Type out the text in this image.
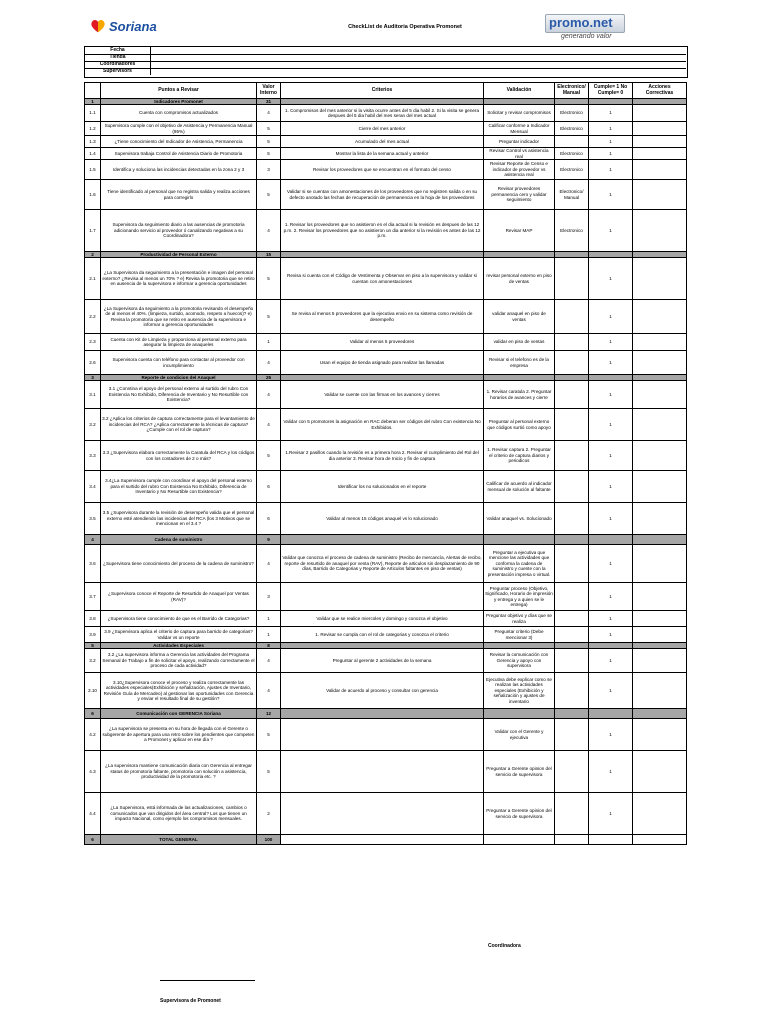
Soriana	CheckList de Auditoria Operativa Promonet	promo.net
generando valor
Fecha
Tienda
Coordinadores
Supervisors
	Puntos a Revisar	Valor Interno	Criterios	Validación	Electronico/ Manual	Cumple= 1 No Cumple= 0	Acciones Correctivas
1	Indicadores Promonet	31					
1.1	Cuenta con compromisos actualizados	4	1. Compromisos del mes anterior si la visita ocurre antes del 5 dia habil 2. Si la visita se genera despues del 5 dia habil del mes seran del mes actual	Solicitar y revisar compromisos	Electronico	1	
1.2	Supervisora cumple con el objetivo de Asistencia y Permanencia Manual (95%)	5	Cierre del mes anterior	Calificar conforme a Indicador Mensual	Electronico	1	
1.3	¿Tiene conocimiento del Indicador de Asistencia, Permanencia	5	Acumulado del mes actual	Preguntar indicador		1	
1.4	Supervisora trabaja Control de Asistencia Diario de Promotoria	5	Mostrar la lista de la semana actual y anterior	Revisar Control vs asistencia real	Electronico	1	
1.5	Identifica y soluciona las incidencias detectadas en la zona 2 y 3	3	Revisar los proveedores que se encuentran en el formato del censo	Revisar Reporte de Censo e indicador de proveedor vs asistencia real	Electronico	1	
1.6	Tiene identificado al personal que no registra salida y realiza acciones para corregirlo	5	Validar si se cuentan con amonestaciones de los proveedores que no registren salida o en su defecto anotado las fechas de recuperación de permanencia en la hoja de los proveedores	Revisar proveedores permanencia cero y validar seguimiento	Electronico/ Manual	1	
1.7	Supervisora da seguimiento diario a las ausencias de promotoria adicionando servicio al proveedor ó canalizando negativas a su Coordinadora?	4	1. Revisar los proveedores que no asistieron en el dia actual si la revisión es despues de las 12 p.m. 2. Revisar los proveedores que no asistieron un dia anterior si la revisión es antes de las 12 p.m.	Revisar MAP	Electronico	1	
2	Productividad de Personal Externo	15					
2.1	¿La Supervisora da seguimiento a la presentación e imagen del personal externo? ¿Revisa al menos un 70% ? e) Revisa la promotoria que se retiro en ausencia de la supervisora e informar a gerencia oportunidades	5	Revisa si cuenta con el Código de Vestimenta y Observar en piso a la supervisora y validar si cuentan con amonestaciones	revisar personal externo en piso de ventas		1	
2.2	¿La Supervisora da seguimiento a la promotoria revisando el desempeño de al menos el 40%. (limpieza, surtido, acomodo, respeto a huecos)? e) Revisa la promotoria que se retiro en ausencia de la supervisora e informar a gerencia oportunidades	5	Se revisa al menos 5 proveedores que la ejecutiva envio en su sistema como revisión de desempeño	validar anaquel en piso de ventas		1	
2.3	Cuenta con Kit de Limpieza y proporciona al personal externo para asegurar la limpieza de anaqueles	1	Validar al menos 5 proveedores	validar en piso de ventas		1	
2.6	Supervisora cuenta con teléfono para contactar al proveedor con incumplimiento	4	Usan el equipo de tienda asignado para realizar las llamadas	Revisar si el telefono es de la empresa		1	
3	Reporte de condicion del Anaquel	25					
3.1	3.1 ¿Conntina el apoyo del personal externo al surtido del rubro Con Existencia No Exhibido, Diferencia de Inventario y No Resurtible con Existencia?	4	Validar se cuente con las firmas en los avances y cierres	1. Revisar caratula 2. Preguntar horarios de avances y cierre		1	
3.2	3.2 ¿Aplica los criterios de captura correctamente para el levantamiento de incidencias del RCA? ¿Aplica correctamente la técnicas de captura? ¿Cumple con el rol de captura?	4	Validar con 5 promotores la asignación en RAC deberan ser códigos del rubro Con existencia No Exhibidos.	Preguntar al personal externo que códigos surtió como apoyo		1	
3.3	3.3 ¿Supervisora elabora correctamente la Caratula del RCA y los códigos con los contadores de 2 o más?	5	1.Revisar 2 pasillos cuando la revisión es a primera hora 2. Revisar el cumplimiento del Rol del dia anterior 3. Revisar hora de Inicio y fin de captura	1. Revisar captura 2. Preguntar el criterio de captura diarios y periodicos		1	
3.4	3.4¿La Supervisora cumple con coordinar el apoyo del personal externo para el surtido del rubro Con Existencia No Exhibido, Diferencia de Inventario y No Resurtible con Existencia?	6	Identificar los no solucionados en el reporte	Calificar de acuerdo al indicador mensual de solución al faltante		1	
3.5	3.5 ¿Supervisora durante la revisión de desempeño valida que el personal externo esté atendiendo las incidencias del RCA (los 3 Motivos que se mencionan en el 3.4 ?	6	Validar al menos 15 códigos anaquel vs lo solucionado	Validar anaquel vs. Solucionado		1	
4	Cadena de suministro	9					
3.6	¿Supervisora tiene conocimiento del proceso de la cadena de suministro?	4	Validar que conozca el proceso de cadena de suministro (Recibo de mercancía, Alertas de recibo, reporte de resurtido de anaquel por venta (RAV), Reporte de articulos sin desplazamiento de 90 días, Barrido de Categorias y Reporte de Articulos faltantes en piso de ventas)	Preguntar a ejecutiva que mencione las actividades que conforma la cadena de suministro y cuente con la presentación impresa o virtual.		1	
3.7	¿Supervisora conoce el Reporte de Resurtido de Anaquel por Ventas (RAV)?	3		Preguntar proceso (Objetivo, Significado, Horario de impresión y entrega y a quien se le entrega)		1	
3.8	¿Supervisora tiene conocimiento de que es el Barrido de Categorias?	1	Validar que se realice miercoles y domingo y conozca el objetivo	Preguntar objetivo y días que se realiza		1	
3.9	3.9 ¿Supervisora aplica el criterio de captura para barrido de categorias? Validar vs un reporte	1	1. Revisar se cumpla con el rol de categorias y conozca el criterio	Preguntar criterio (Debe mencionar 3)		1	
5	Actividades Especiales	8					
3.2	3.2 ¿La supervisora informa a Gerencia las actividades del Programa Semanal de Trabajo a fin de solicitar el apoyo, realizando correctamente el proceso de cada actividad?	4	Preguntar al gerente 2 actividades de la semana	Revisar la comunicación con Gerencia y apoyo con supervisora		1	
3.10	3.10¿Supervisora conoce el proceso y realiza correctamente las actividades especiales(Exhibición y señalización, Ajustes de Inventario, Revisión Guía de Mercadeo) al gestionar las oportunidades con Gerencia y enviar el resultado final de su gestión?	4	Validar de acuerdo al proceso y consultar con gerencia	Ejecutiva debe explicar como se realizan las actividades especiales (Exhibición y señalización y ajustes de inventario		1	
6	Comunicación con GERENCIA Soriana	12					
4.2	¿La supervisora se presenta en su hora de llegada con el Gerente o subgerente de apertura para una retro sobre los pendientes que competen a Promonet y aplicar en ese día ?	5		Validar con el Gerente y ejecutiva		1	
4.3	¿La supervisora mantiene comunicación diaria con Gerencia al entregar status de promotoria faltante, promotoria con solución a asistencia, productividad de la promotoria etc. ?	5		Preguntar a Gerente opinion del servicio de supervisora		1	
4.4	¿La Supervisora, está informada de las actualizaciones, cambios o comunicados que van dirigidos del área central? Los que tienen un impacto Nacional, como ejemplo los compromisos mensuales.	2		Preguntar a Gerente opinion del servicio de supervisora		1	
6	TOTAL GENERAL	100					
Coordinadora
Supervisora de Promonet
